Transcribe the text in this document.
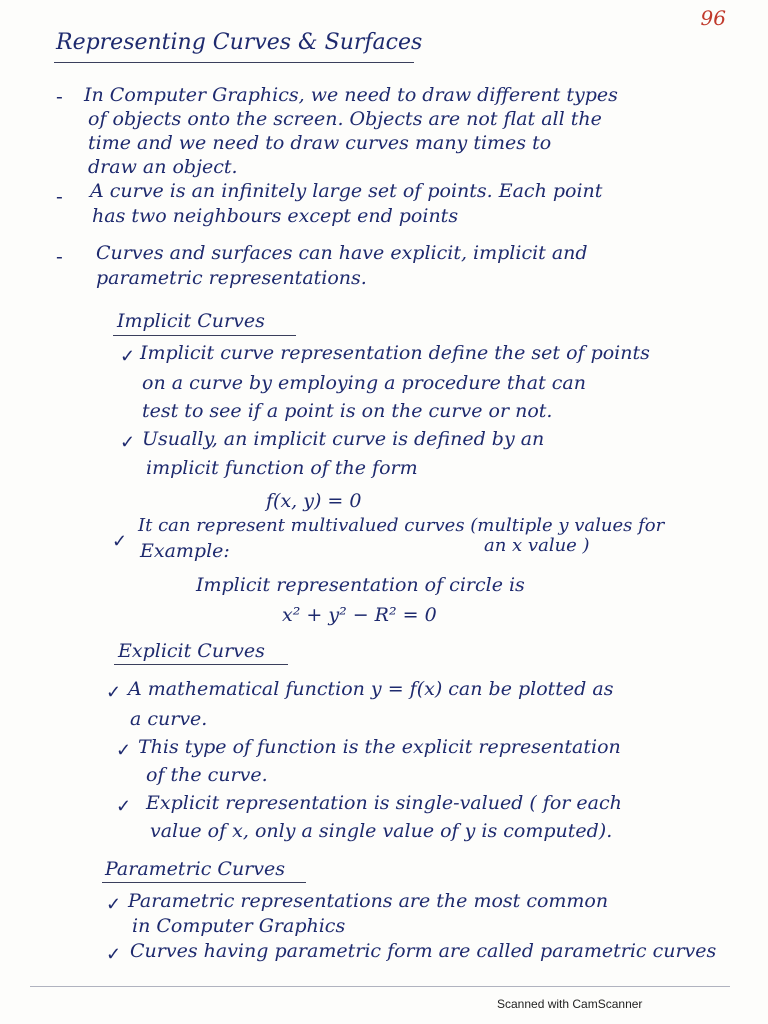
96
Representing Curves & Surfaces
- In Computer Graphics, we need to draw different types
of objects onto the screen. Objects are not flat all the
time and we need to draw curves many times to
draw an object.
- A curve is an infinitely large set of points. Each point
has two neighbours except end points
- Curves and surfaces can have explicit, implicit and
parametric representations.
Implicit Curves
✓ Implicit curve representation define the set of points
on a curve by employing a procedure that can
test to see if a point is on the curve or not.
✓ Usually, an implicit curve is defined by an
implicit function of the form
f(x, y) = 0
It can represent multivalued curves (multiple y values for
an x value )
✓ Example:
Implicit representation of circle is
x² + y² − R² = 0
Explicit Curves
✓ A mathematical function y = f(x) can be plotted as
a curve.
✓ This type of function is the explicit representation
of the curve.
✓ Explicit representation is single-valued ( for each
value of x, only a single value of y is computed).
Parametric Curves
✓ Parametric representations are the most common
in Computer Graphics
✓ Curves having parametric form are called parametric curves
Scanned with CamScanner
